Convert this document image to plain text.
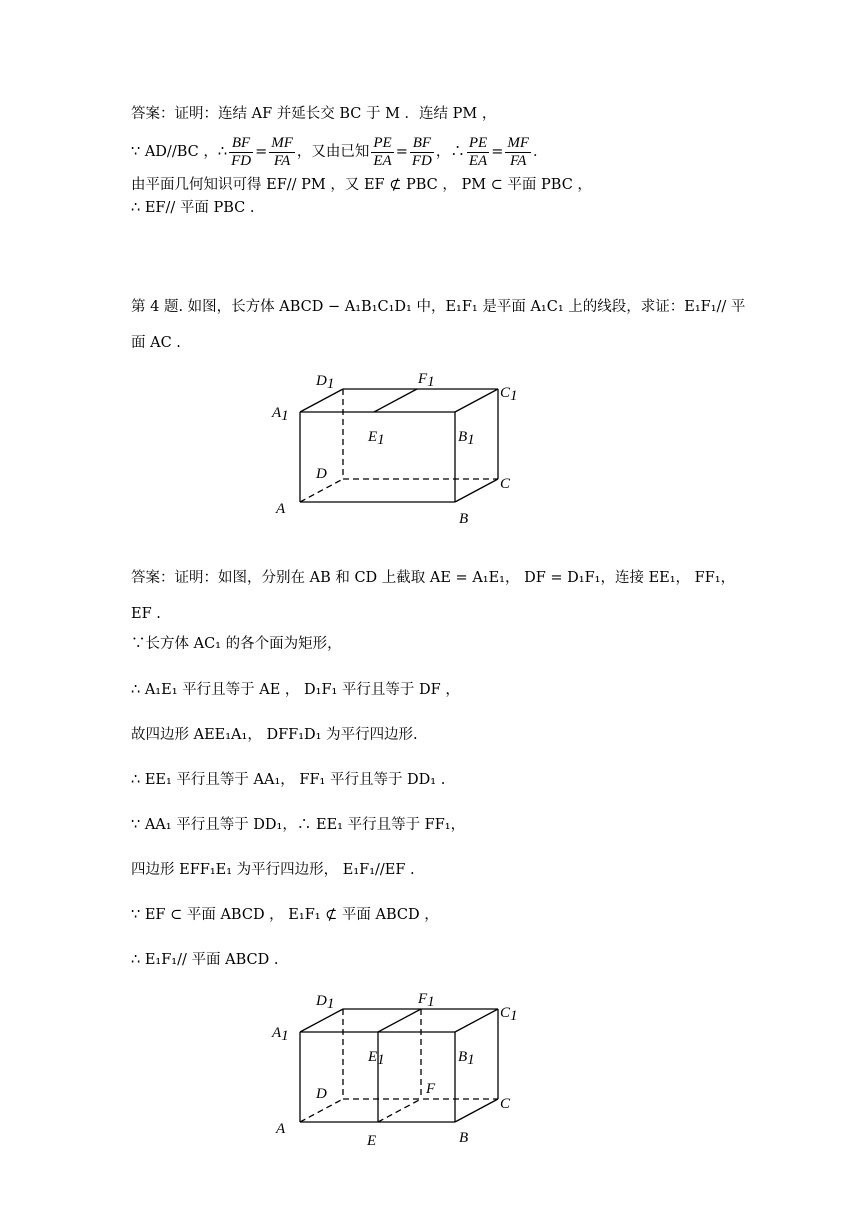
答案：证明：连结 AF 并延长交 BC 于 M ．连结 PM ，
∵ AD//BC ，∴ $\frac{BF}{FD} = \frac{MF}{FA}$ ，又由已知 $\frac{PE}{EA} = \frac{BF}{FD}$ ，∴ $\frac{PE}{EA} = \frac{MF}{FA}$ ．
由平面几何知识可得 EF// PM ，又 EF ⊄ PBC ， PM ⊂ 平面 PBC ，
∴ EF// 平面 PBC .
第 4 题. 如图，长方体 ABCD − A₁B₁C₁D₁ 中，E₁F₁ 是平面 A₁C₁ 上的线段，求证：E₁F₁// 平
面 AC .
D1	F1
C1
A1
E1	B1
D
C
A
B
答案：证明：如图，分别在 AB 和 CD 上截取 AE = A₁E₁， DF = D₁F₁，连接 EE₁， FF₁，
EF .
∵长方体 AC₁ 的各个面为矩形，
∴ A₁E₁ 平行且等于 AE ， D₁F₁ 平行且等于 DF ，
故四边形 AEE₁A₁， DFF₁D₁ 为平行四边形.
∴ EE₁ 平行且等于 AA₁， FF₁ 平行且等于 DD₁ .
∵ AA₁ 平行且等于 DD₁，∴ EE₁ 平行且等于 FF₁，
四边形 EFF₁E₁ 为平行四边形， E₁F₁//EF .
∵ EF ⊂ 平面 ABCD ， E₁F₁ ⊄ 平面 ABCD ，
∴ E₁F₁// 平面 ABCD .
D1	F1
C1
A1
E1	B1
D	F
C
A
E	B
